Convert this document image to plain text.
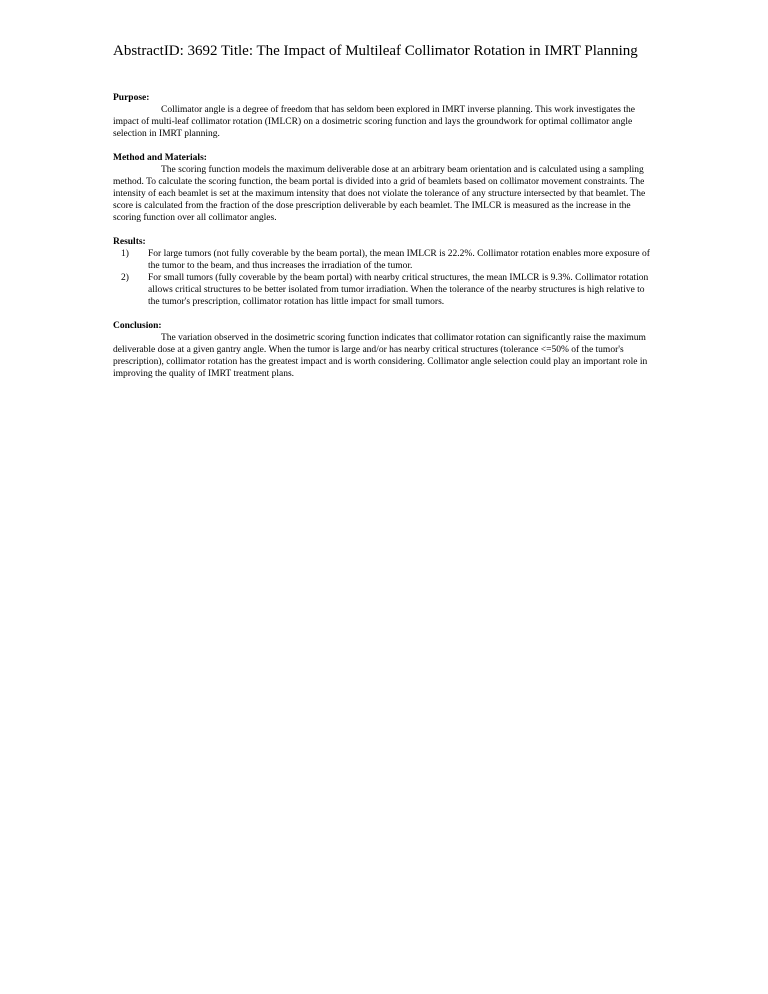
AbstractID: 3692 Title: The Impact of Multileaf Collimator Rotation in IMRT Planning
Purpose:

Collimator angle is a degree of freedom that has seldom been explored in IMRT inverse planning. This work investigates the impact of multi-leaf collimator rotation (IMLCR) on a dosimetric scoring function and lays the groundwork for optimal collimator angle selection in IMRT planning.

Method and Materials:

The scoring function models the maximum deliverable dose at an arbitrary beam orientation and is calculated using a sampling method. To calculate the scoring function, the beam portal is divided into a grid of beamlets based on collimator movement constraints. The intensity of each beamlet is set at the maximum intensity that does not violate the tolerance of any structure intersected by that beamlet. The score is calculated from the fraction of the dose prescription deliverable by each beamlet. The IMLCR is measured as the increase in the scoring function over all collimator angles.

Results:
1) For large tumors (not fully coverable by the beam portal), the mean IMLCR is 22.2%. Collimator rotation enables more exposure of the tumor to the beam, and thus increases the irradiation of the tumor.
2) For small tumors (fully coverable by the beam portal) with nearby critical structures, the mean IMLCR is 9.3%. Collimator rotation allows critical structures to be better isolated from tumor irradiation. When the tolerance of the nearby structures is high relative to the tumor's prescription, collimator rotation has little impact for small tumors.
Conclusion:

The variation observed in the dosimetric scoring function indicates that collimator rotation can significantly raise the maximum deliverable dose at a given gantry angle. When the tumor is large and/or has nearby critical structures (tolerance <=50% of the tumor's prescription), collimator rotation has the greatest impact and is worth considering. Collimator angle selection could play an important role in improving the quality of IMRT treatment plans.
